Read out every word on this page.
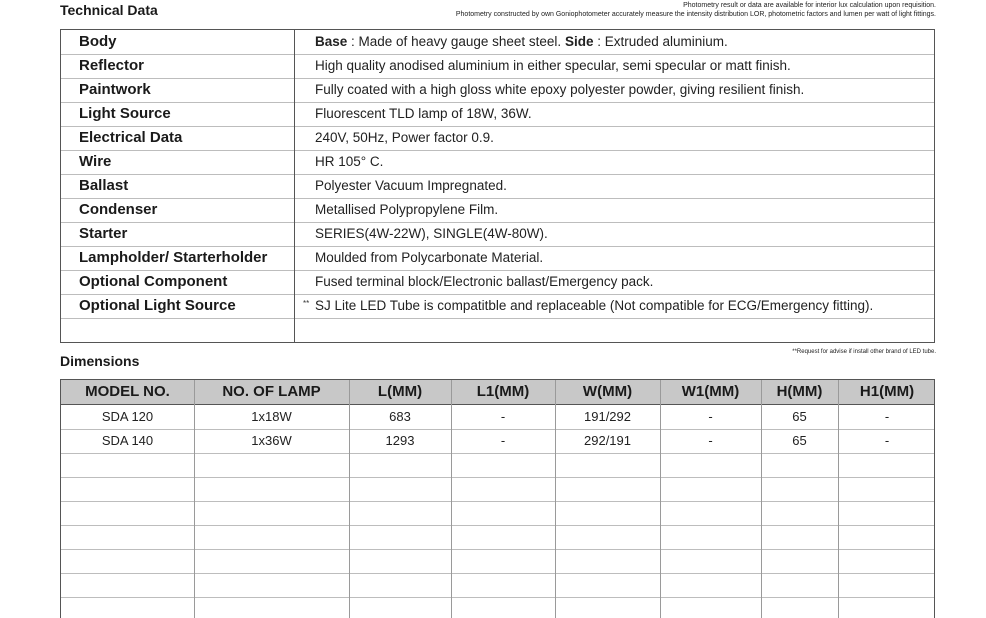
Technical Data	Photometry result or data are available for interior lux calculation upon requisition.
Photometry constructed by own Goniophotometer accurately measure the intensity distribution LOR, photometric factors and lumen per watt of light fittings.
Body	Base : Made of heavy gauge sheet steel. Side : Extruded aluminium.
Reflector	High quality anodised aluminium in either specular, semi specular or matt finish.
Paintwork	Fully coated with a high gloss white epoxy polyester powder, giving resilient finish.
Light Source	Fluorescent TLD lamp of 18W, 36W.
Electrical Data	240V, 50Hz, Power factor 0.9.
Wire	HR 105° C.
Ballast	Polyester Vacuum Impregnated.
Condenser	Metallised Polypropylene Film.
Starter	SERIES(4W-22W), SINGLE(4W-80W).
Lampholder/ Starterholder	Moulded from Polycarbonate Material.
Optional Component	Fused terminal block/Electronic ballast/Emergency pack.
Optional Light Source	** SJ Lite LED Tube is compatitble and replaceable (Not compatible for ECG/Emergency fitting).
Dimensions
**Request for advise if install other brand of LED tube.
MODEL NO.	NO. OF LAMP	L(MM)	L1(MM)	W(MM)	W1(MM)	H(MM)	H1(MM)
SDA 120	1x18W	683	-	191/292	-	65	-
SDA 140	1x36W	1293	-	292/191	-	65	-
